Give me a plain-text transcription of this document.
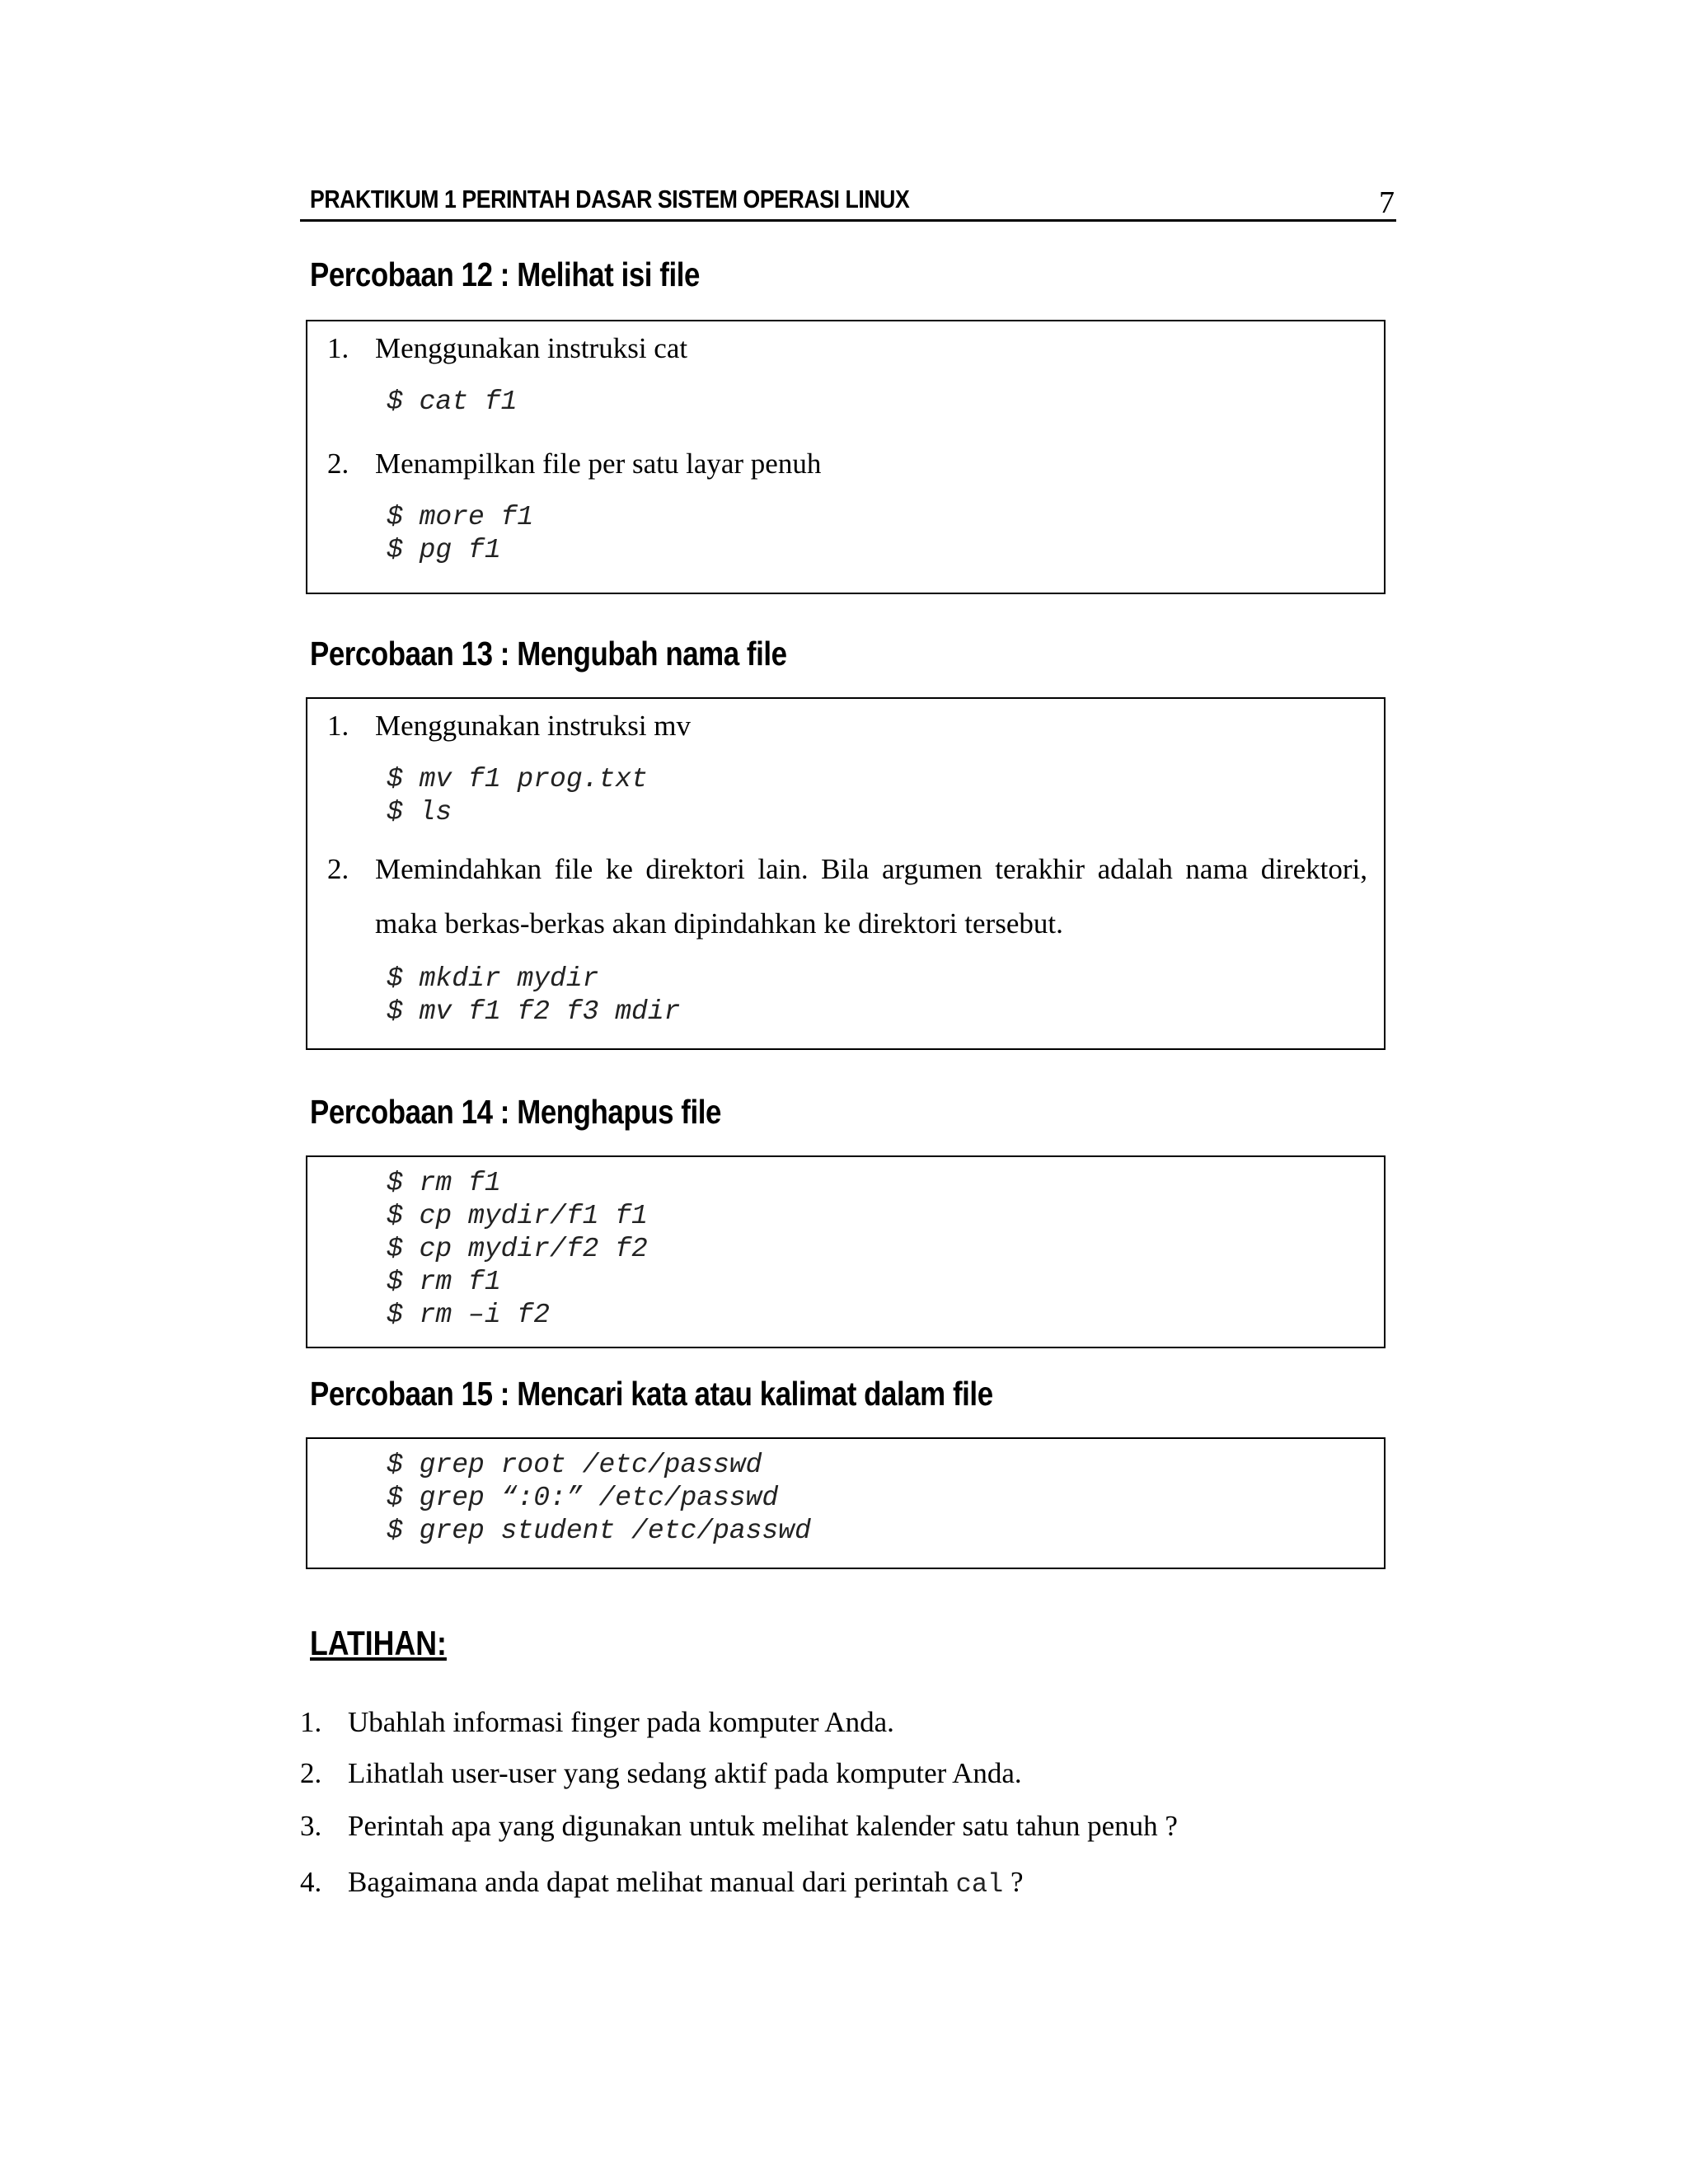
PRAKTIKUM 1 PERINTAH DASAR SISTEM OPERASI LINUX	7
Percobaan 12 : Melihat isi file
1. Menggunakan instruksi cat
$ cat f1
2. Menampilkan file per satu layar penuh
$ more f1
$ pg f1
Percobaan 13 : Mengubah nama file
1. Menggunakan instruksi mv
$ mv f1 prog.txt
$ ls
2. Memindahkan file ke direktori lain. Bila argumen terakhir adalah nama direktori, maka berkas-berkas akan dipindahkan ke direktori tersebut.
$ mkdir mydir
$ mv f1 f2 f3 mdir
Percobaan 14 : Menghapus file
$ rm f1
$ cp mydir/f1 f1
$ cp mydir/f2 f2
$ rm f1
$ rm –i f2
Percobaan 15 : Mencari kata atau kalimat dalam file
$ grep root /etc/passwd
$ grep “:0:” /etc/passwd
$ grep student /etc/passwd
LATIHAN:
1. Ubahlah informasi finger pada komputer Anda.
2. Lihatlah user-user yang sedang aktif pada komputer Anda.
3. Perintah apa yang digunakan untuk melihat kalender satu tahun penuh ?
4. Bagaimana anda dapat melihat manual dari perintah cal ?
